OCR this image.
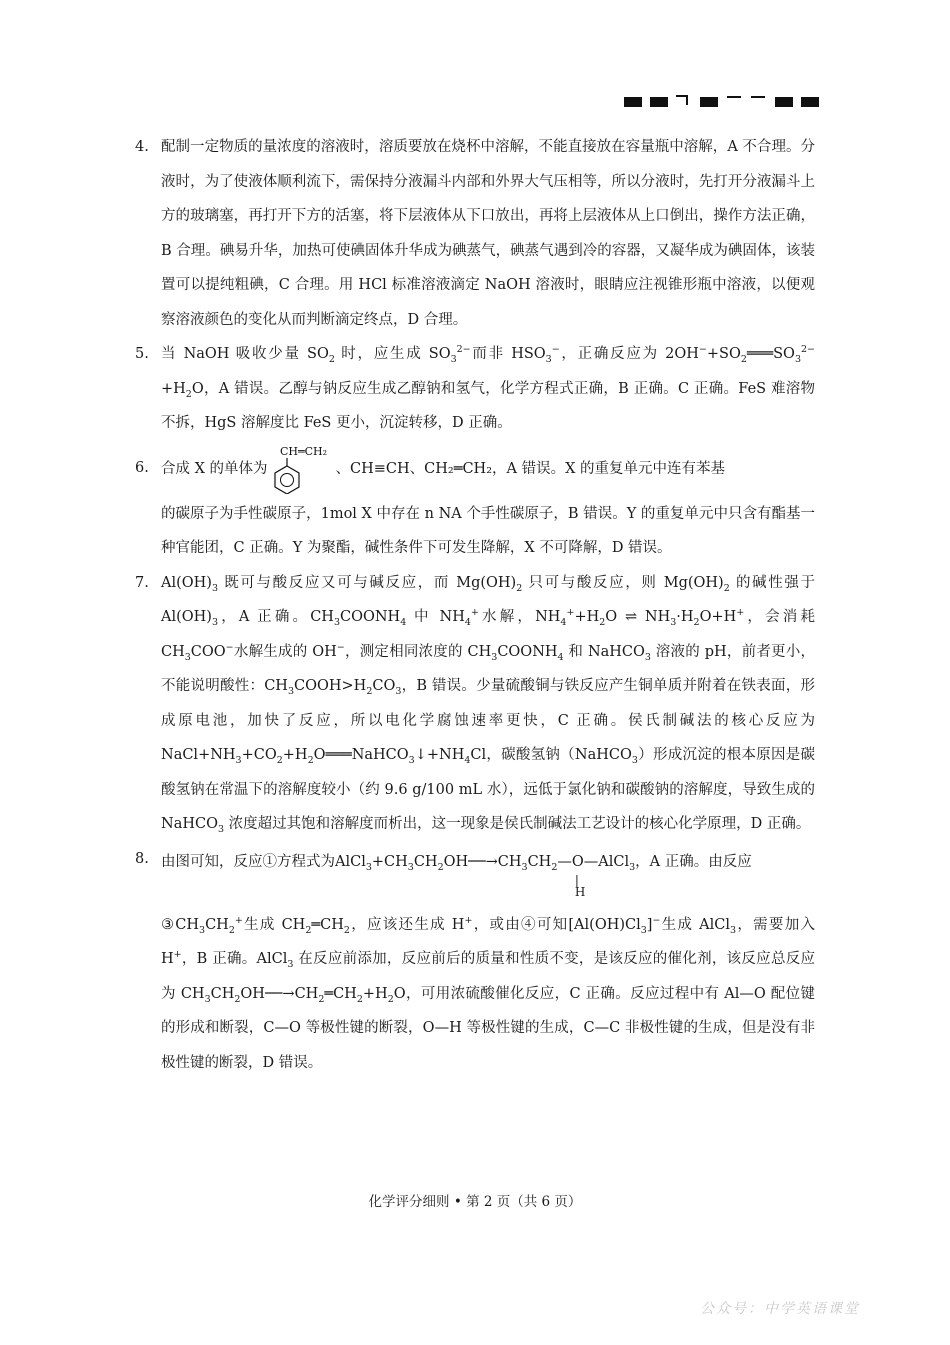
4. 配制一定物质的量浓度的溶液时，溶质要放在烧杯中溶解，不能直接放在容量瓶中溶解，A 不合理。分液时，为了使液体顺利流下，需保持分液漏斗内部和外界大气压相等，所以分液时，先打开分液漏斗上方的玻璃塞，再打开下方的活塞，将下层液体从下口放出，再将上层液体从上口倒出，操作方法正确，B 合理。碘易升华，加热可使碘固体升华成为碘蒸气，碘蒸气遇到冷的容器，又凝华成为碘固体，该装置可以提纯粗碘，C 合理。用 HCl 标准溶液滴定 NaOH 溶液时，眼睛应注视锥形瓶中溶液，以便观察溶液颜色的变化从而判断滴定终点，D 合理。

5. 当 NaOH 吸收少量 $SO_2$ 时，应生成 $SO_3^{2-}$而非 $HSO_3^-$，正确反应为 $2OH^-+SO_2═══SO_3^{2-}+H_2O$，A 错误。乙醇与钠反应生成乙醇钠和氢气，化学方程式正确，B 正确。C 正确。FeS 难溶物不拆，HgS 溶解度比 FeS 更小，沉淀转移，D 正确。

6. 合成 X 的单体为
CH═CH₂
、CH≡CH、CH₂═CH₂，A 错误。X 的重复单元中连有苯基

的碳原子为手性碳原子，1mol X 中存在 n NA 个手性碳原子，B 错误。Y 的重复单元中只含有酯基一种官能团，C 正确。Y 为聚酯，碱性条件下可发生降解，X 不可降解，D 错误。

7. $Al(OH)_3$ 既可与酸反应又可与碱反应，而 $Mg(OH)_2$ 只可与酸反应，则 $Mg(OH)_2$ 的碱性强于 $Al(OH)_3$，A 正确。$CH_3COONH_4$ 中 $NH_4^+$水解，$NH_4^++H_2O$ ⇌ $NH_3\cdot H_2O+H^+$，会消耗 $CH_3COO^-$水解生成的 OH−，测定相同浓度的 $CH_3COONH_4$ 和 NaHCO$_3$ 溶液的 pH，前者更小，不能说明酸性：$CH_3COOH>H_2CO_3$，B 错误。少量硫酸铜与铁反应产生铜单质并附着在铁表面，形成原电池，加快了反应，所以电化学腐蚀速率更快，C 正确。侯氏制碱法的核心反应为 $NaCl+NH_3+CO_2+H_2O═══NaHCO_3↓+NH_4Cl$，碳酸氢钠（NaHCO$_3$）形成沉淀的根本原因是碳酸氢钠在常温下的溶解度较小（约 9.6 g/100 mL 水），远低于氯化钠和碳酸钠的溶解度，导致生成的 NaHCO$_3$ 浓度超过其饱和溶解度而析出，这一现象是侯氏制碱法工艺设计的核心化学原理，D 正确。

8. 由图可知，反应①方程式为$AlCl_3+CH_3CH_2OH──\to CH_3CH_2—O$
|
H
—AlCl$_3$，A 正确。由反应

$③CH_3CH_2^+$生成 $CH_2═CH_2$，应该还生成 H+，或由④可知$[Al(OH)Cl_3]^-$生成 AlCl$_3$，需要加入 H+，B 正确。AlCl$_3$ 在反应前添加，反应前后的质量和性质不变，是该反应的催化剂，该反应总反应为 $CH_3CH_2OH──\to CH_2═CH_2+H_2O$，可用浓硫酸催化反应，C 正确。反应过程中有 Al—O 配位键的形成和断裂，C—O 等极性键的断裂，O—H 等极性键的生成，C—C 非极性键的生成，但是没有非极性键的断裂，D 错误。

化学评分细则 • 第 2 页（共 6 页）
公众号：中学英语课堂
